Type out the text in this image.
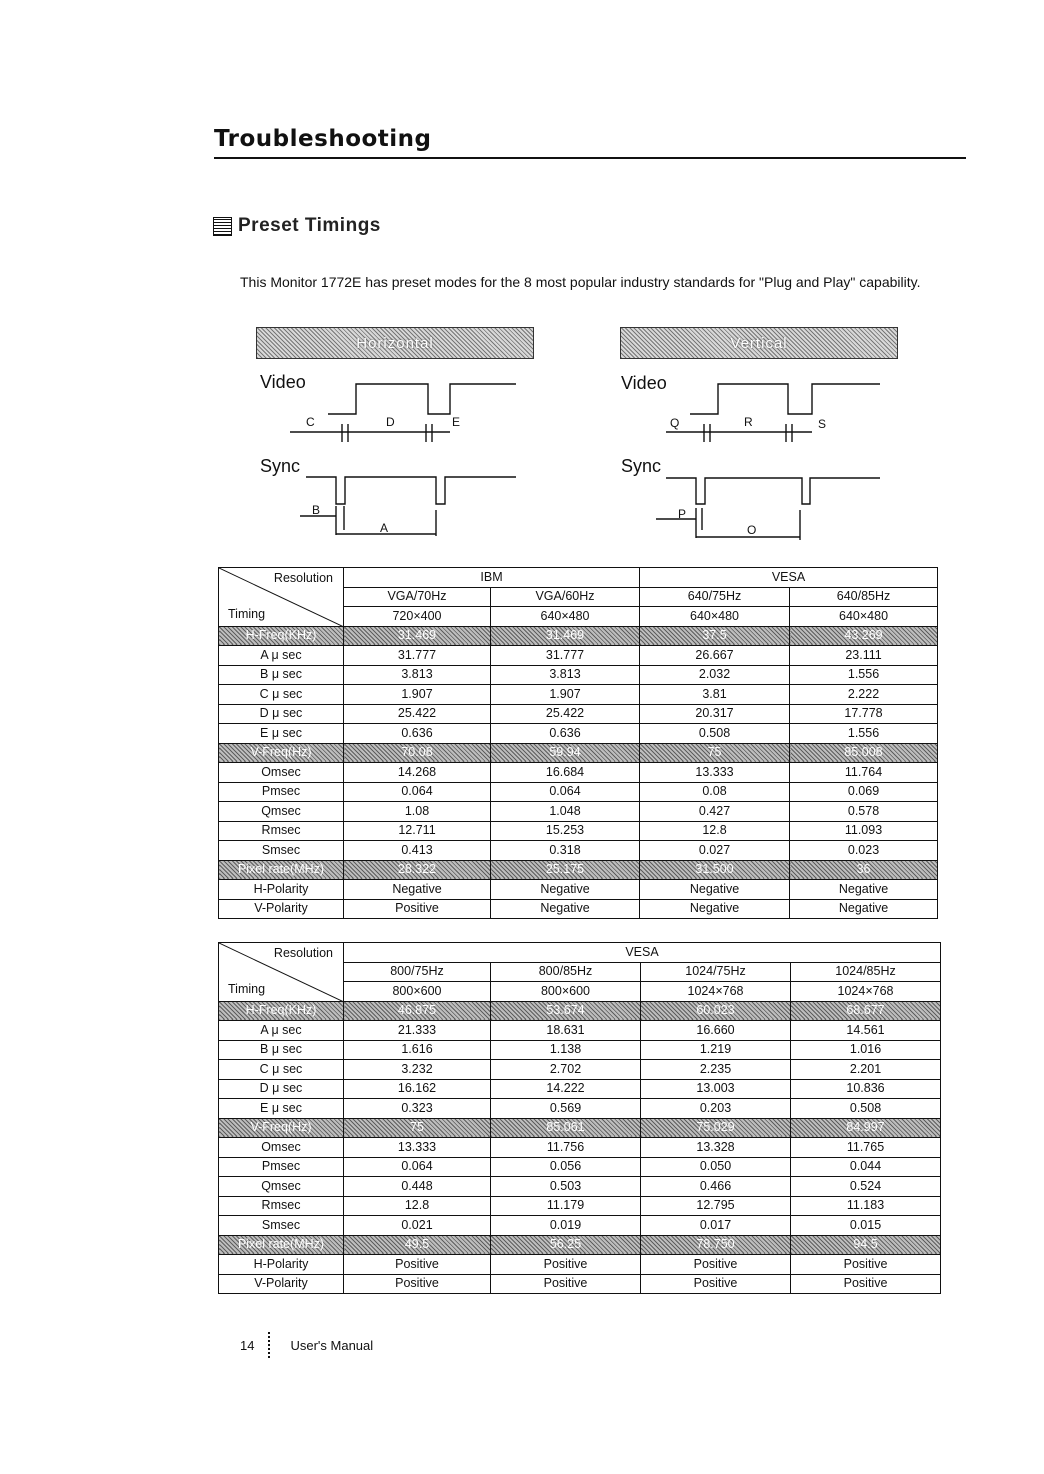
Troubleshooting
Preset Timings
This Monitor 1772E has preset modes for the 8 most popular industry standards for "Plug and Play" capability.
Horizontal
Video
Sync
C	D	E
B
A
Vertical
Video
Sync
Q	R	S
P
O
Resolution
Timing	IBM		VESA	
	VGA/70Hz	VGA/60Hz	640/75Hz	640/85Hz
	720×400	640×480	640×480	640×480
H-Freq(KHz)	31.469	31.469	37.5	43.269
A μ sec	31.777	31.777	26.667	23.111
B μ sec	3.813	3.813	2.032	1.556
C μ sec	1.907	1.907	3.81	2.222
D μ sec	25.422	25.422	20.317	17.778
E μ sec	0.636	0.636	0.508	1.556
V-Freq(Hz)	70.08	59.94	75	85.008
Omsec	14.268	16.684	13.333	11.764
Pmsec	0.064	0.064	0.08	0.069
Qmsec	1.08	1.048	0.427	0.578
Rmsec	12.711	15.253	12.8	11.093
Smsec	0.413	0.318	0.027	0.023
Pixel rate(MHz)	28.322	25.175	31.500	36
H-Polarity	Negative	Negative	Negative	Negative
V-Polarity	Positive	Negative	Negative	Negative
Resolution
Timing	VESA			
	800/75Hz	800/85Hz	1024/75Hz	1024/85Hz
	800×600	800×600	1024×768	1024×768
H-Freq(KHz)	46.875	53.674	60.023	68.677
A μ sec	21.333	18.631	16.660	14.561
B μ sec	1.616	1.138	1.219	1.016
C μ sec	3.232	2.702	2.235	2.201
D μ sec	16.162	14.222	13.003	10.836
E μ sec	0.323	0.569	0.203	0.508
V-Freq(Hz)	75	85.061	75.029	84.997
Omsec	13.333	11.756	13.328	11.765
Pmsec	0.064	0.056	0.050	0.044
Qmsec	0.448	0.503	0.466	0.524
Rmsec	12.8	11.179	12.795	11.183
Smsec	0.021	0.019	0.017	0.015
Pixel rate(MHz)	49.5	56.25	78.750	94.5
H-Polarity	Positive	Positive	Positive	Positive
V-Polarity	Positive	Positive	Positive	Positive
14	User's Manual
